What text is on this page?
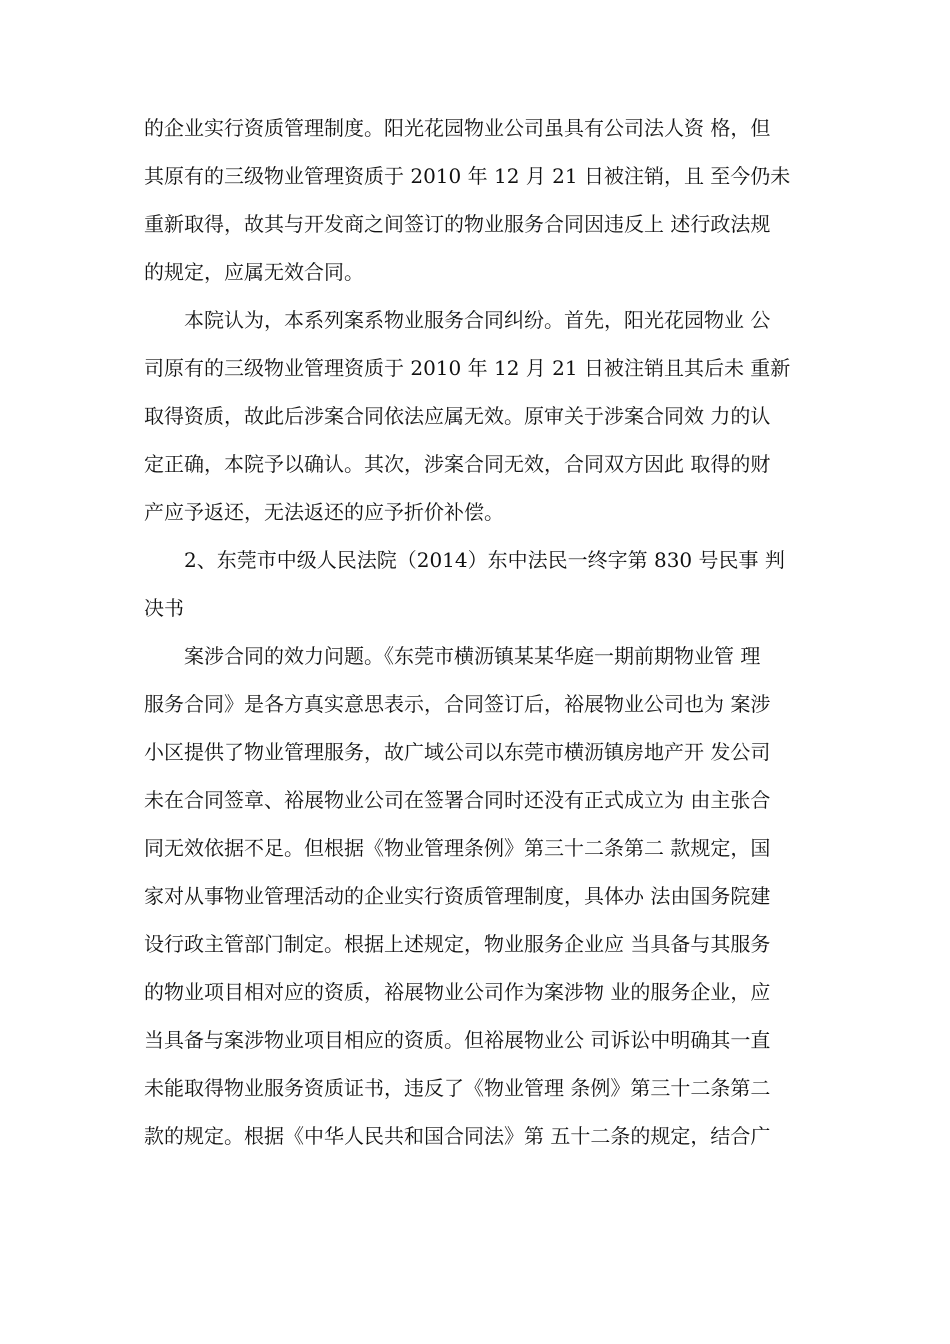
的企业实行资质管理制度。阳光花园物业公司虽具有公司法人资 格，但
其原有的三级物业管理资质于 2010 年 12 月 21 日被注销，且 至今仍未
重新取得，故其与开发商之间签订的物业服务合同因违反上 述行政法规
的规定，应属无效合同。
本院认为，本系列案系物业服务合同纠纷。首先，阳光花园物业 公
司原有的三级物业管理资质于 2010 年 12 月 21 日被注销且其后未 重新
取得资质，故此后涉案合同依法应属无效。原审关于涉案合同效 力的认
定正确，本院予以确认。其次，涉案合同无效，合同双方因此 取得的财
产应予返还，无法返还的应予折价补偿。
2、东莞市中级人民法院（2014）东中法民一终字第 830 号民事 判
决书
案涉合同的效力问题。《东莞市横沥镇某某华庭一期前期物业管 理
服务合同》是各方真实意思表示，合同签订后，裕展物业公司也为 案涉
小区提供了物业管理服务，故广域公司以东莞市横沥镇房地产开 发公司
未在合同签章、裕展物业公司在签署合同时还没有正式成立为 由主张合
同无效依据不足。但根据《物业管理条例》第三十二条第二 款规定，国
家对从事物业管理活动的企业实行资质管理制度，具体办 法由国务院建
设行政主管部门制定。根据上述规定，物业服务企业应 当具备与其服务
的物业项目相对应的资质，裕展物业公司作为案涉物 业的服务企业，应
当具备与案涉物业项目相应的资质。但裕展物业公 司诉讼中明确其一直
未能取得物业服务资质证书，违反了《物业管理 条例》第三十二条第二
款的规定。根据《中华人民共和国合同法》第 五十二条的规定，结合广
